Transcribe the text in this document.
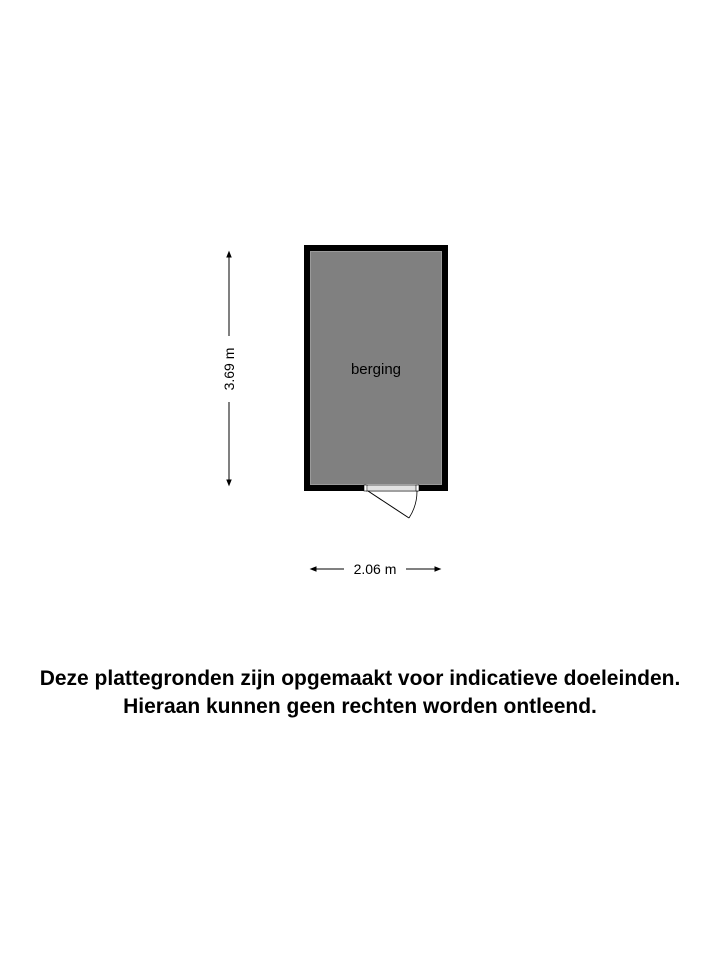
berging
3.69 m
2.06 m
Deze plattegronden zijn opgemaakt voor indicatieve doeleinden.
Hieraan kunnen geen rechten worden ontleend.
